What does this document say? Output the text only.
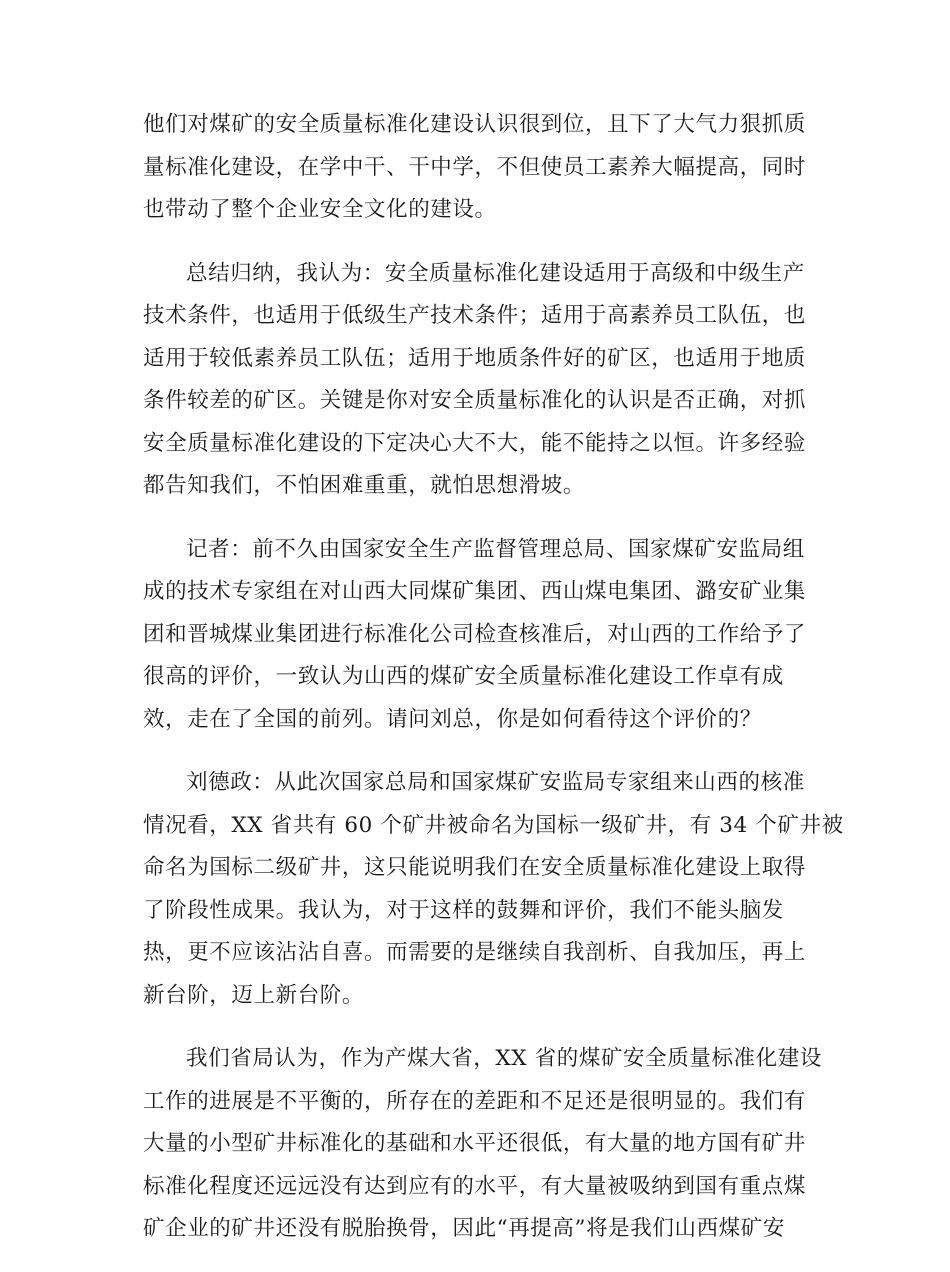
他们对煤矿的安全质量标准化建设认识很到位，且下了大气力狠抓质
量标准化建设，在学中干、干中学，不但使员工素养大幅提高，同时
也带动了整个企业安全文化的建设。
总结归纳，我认为：安全质量标准化建设适用于高级和中级生产
技术条件，也适用于低级生产技术条件；适用于高素养员工队伍，也
适用于较低素养员工队伍；适用于地质条件好的矿区，也适用于地质
条件较差的矿区。关键是你对安全质量标准化的认识是否正确，对抓
安全质量标准化建设的下定决心大不大，能不能持之以恒。许多经验
都告知我们，不怕困难重重，就怕思想滑坡。
记者：前不久由国家安全生产监督管理总局、国家煤矿安监局组
成的技术专家组在对山西大同煤矿集团、西山煤电集团、潞安矿业集
团和晋城煤业集团进行标准化公司检查核准后，对山西的工作给予了
很高的评价，一致认为山西的煤矿安全质量标准化建设工作卓有成
效，走在了全国的前列。请问刘总，你是如何看待这个评价的？
刘德政：从此次国家总局和国家煤矿安监局专家组来山西的核准
情况看，XX 省共有 60 个矿井被命名为国标一级矿井，有 34 个矿井被
命名为国标二级矿井，这只能说明我们在安全质量标准化建设上取得
了阶段性成果。我认为，对于这样的鼓舞和评价，我们不能头脑发
热，更不应该沾沾自喜。而需要的是继续自我剖析、自我加压，再上
新台阶，迈上新台阶。
我们省局认为，作为产煤大省，XX 省的煤矿安全质量标准化建设
工作的进展是不平衡的，所存在的差距和不足还是很明显的。我们有
大量的小型矿井标准化的基础和水平还很低，有大量的地方国有矿井
标准化程度还远远没有达到应有的水平，有大量被吸纳到国有重点煤
矿企业的矿井还没有脱胎换骨，因此“再提高”将是我们山西煤矿安
